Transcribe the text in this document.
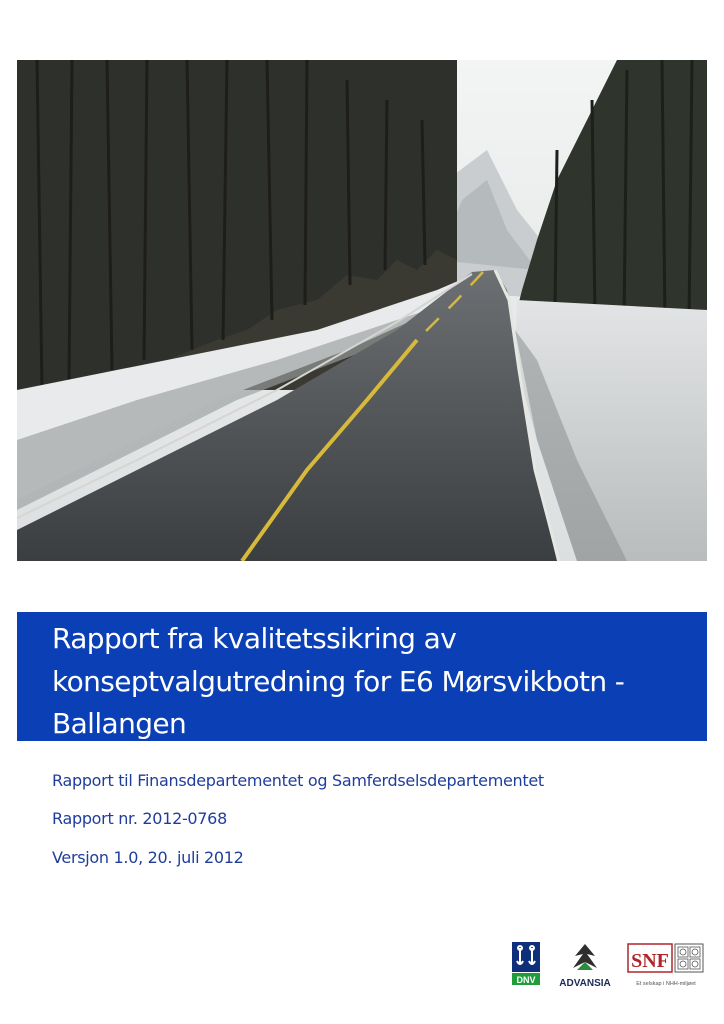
Rapport fra kvalitetssikring av
konseptvalgutredning for E6 Mørsvikbotn -
Ballangen
Rapport til Finansdepartementet og Samferdselsdepartementet
Rapport nr. 2012-0768
Versjon 1.0, 20. juli 2012
DNV ADVANSIA
SNF
Et selskap i NHH-miljøet
